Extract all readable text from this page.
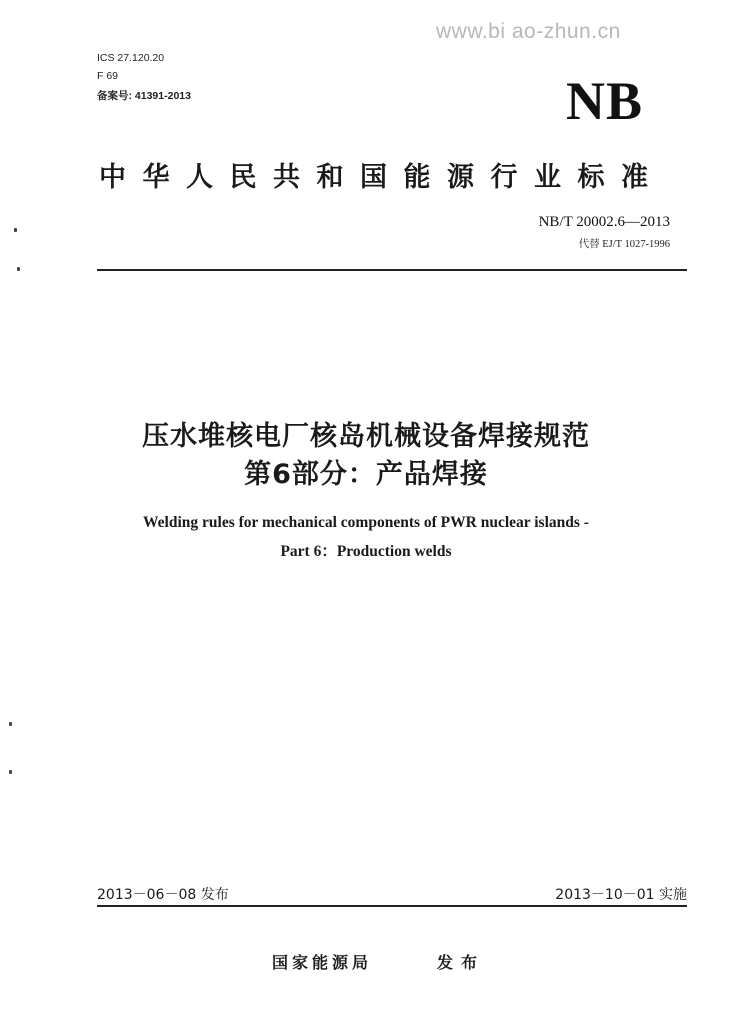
www.bi ao-zhun.cn
ICS 27.120.20
F 69
备案号: 41391-2013	NB
中华人民共和国能源行业标准
NB/T 20002.6—2013
代替 EJ/T 1027-1996
压水堆核电厂核岛机械设备焊接规范
第6部分：产品焊接
Welding rules for mechanical components of PWR nuclear islands -
Part 6：Production welds
2013－06－08 发布	2013－10－01 实施
国家能源局	发布
